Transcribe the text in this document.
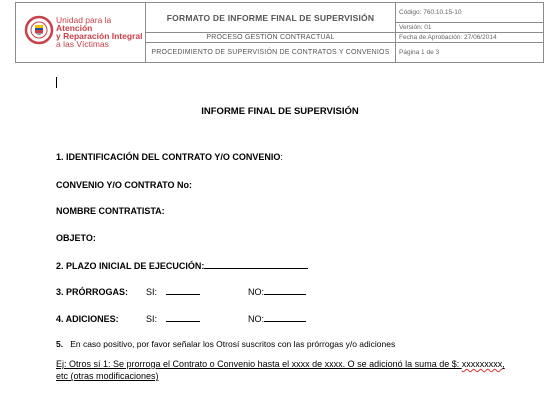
Unidad para la Atención
y Reparación Integral
a las Víctimas	FORMATO DE INFORME FINAL DE SUPERVISIÓN	Código: 760.10.15-10
		Versión: 01
	PROCESO GESTIÓN CONTRACTUAL	Fecha de Aprobación: 27/06/2014
	PROCEDIMIENTO DE SUPERVISIÓN DE CONTRATOS Y CONVENIOS	Página 1 de 3
INFORME FINAL DE SUPERVISIÓN
1. IDENTIFICACIÓN DEL CONTRATO Y/O CONVENIO:
CONVENIO Y/O CONTRATO No:
NOMBRE CONTRATISTA:
OBJETO:
2. PLAZO INICIAL DE EJECUCIÓN:
3. PRÓRROGAS: SI:	NO:
4. ADICIONES:	SI:	NO:
5. En caso positivo, por favor señalar los Otrosí suscritos con las prórrogas y/o adiciones
Ej: Otros sí 1: Se prorroga el Contrato o Convenio hasta el xxxx de xxxx. O se adicionó la suma de $: xxxxxxxxx, etc (otras modificaciones)
